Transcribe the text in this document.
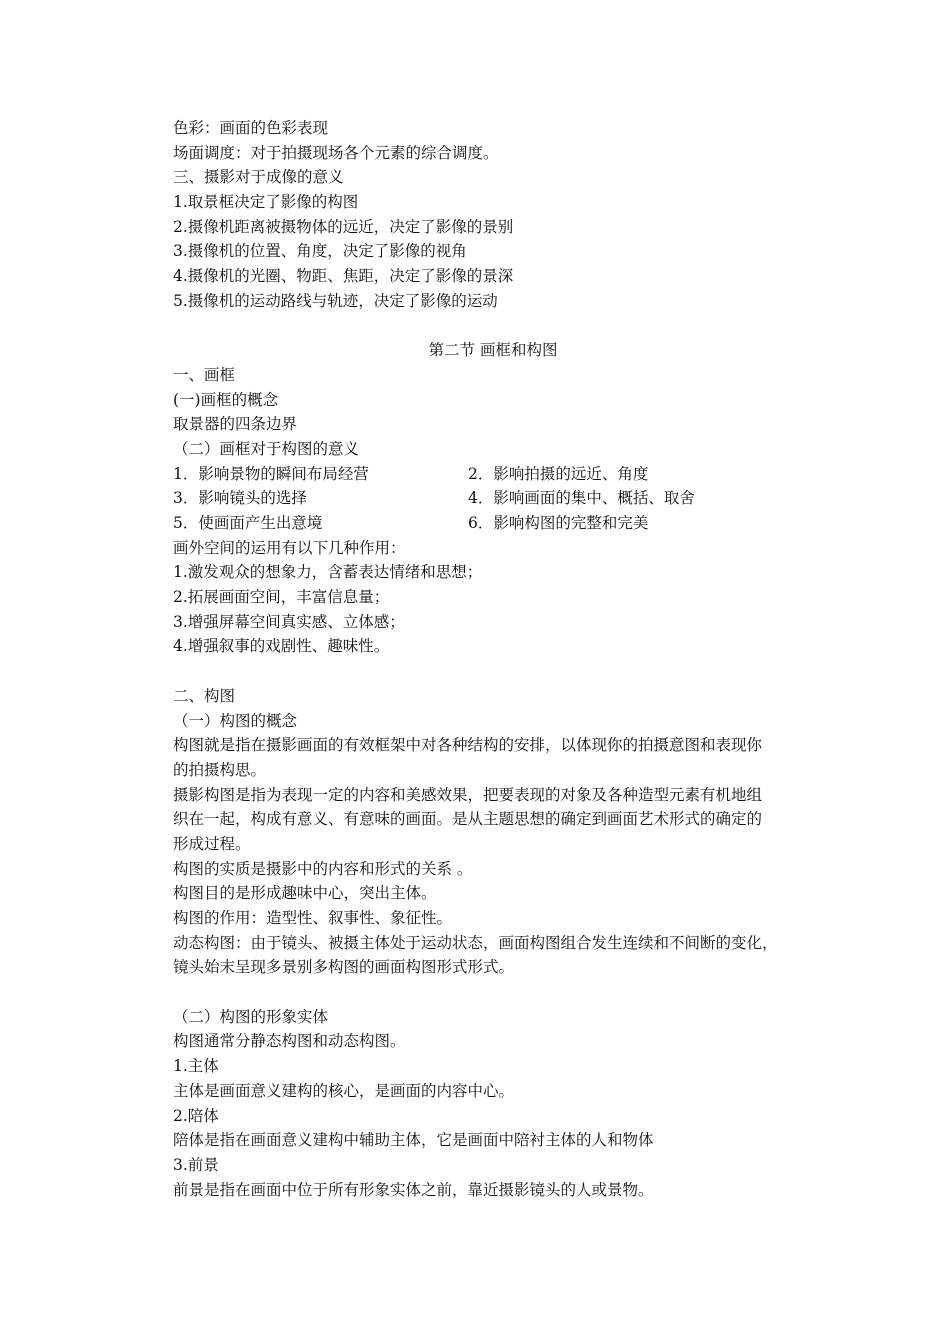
色彩：画面的色彩表现
场面调度：对于拍摄现场各个元素的综合调度。
三、摄影对于成像的意义
1.取景框决定了影像的构图
2.摄像机距离被摄物体的远近，决定了影像的景别
3.摄像机的位置、角度，决定了影像的视角
4.摄像机的光圈、物距、焦距，决定了影像的景深
5.摄像机的运动路线与轨迹，决定了影像的运动
第二节 画框和构图
一、画框
(一)画框的概念
取景器的四条边界
（二）画框对于构图的意义
1．影响景物的瞬间布局经营	2．影响拍摄的远近、角度
3．影响镜头的选择	4．影响画面的集中、概括、取舍
5．使画面产生出意境	6．影响构图的完整和完美
画外空间的运用有以下几种作用：
1.激发观众的想象力，含蓄表达情绪和思想；
2.拓展画面空间，丰富信息量；
3.增强屏幕空间真实感、立体感；
4.增强叙事的戏剧性、趣味性。
二、构图
（一）构图的概念
构图就是指在摄影画面的有效框架中对各种结构的安排，以体现你的拍摄意图和表现你
的拍摄构思。
摄影构图是指为表现一定的内容和美感效果，把要表现的对象及各种造型元素有机地组
织在一起，构成有意义、有意味的画面。是从主题思想的确定到画面艺术形式的确定的
形成过程。
构图的实质是摄影中的内容和形式的关系 。
构图目的是形成趣味中心，突出主体。
构图的作用：造型性、叙事性、象征性。
动态构图：由于镜头、被摄主体处于运动状态，画面构图组合发生连续和不间断的变化，
镜头始末呈现多景别多构图的画面构图形式形式。
（二）构图的形象实体
构图通常分静态构图和动态构图。
1.主体
主体是画面意义建构的核心，是画面的内容中心。
2.陪体
陪体是指在画面意义建构中辅助主体，它是画面中陪衬主体的人和物体
3.前景
前景是指在画面中位于所有形象实体之前，靠近摄影镜头的人或景物。
